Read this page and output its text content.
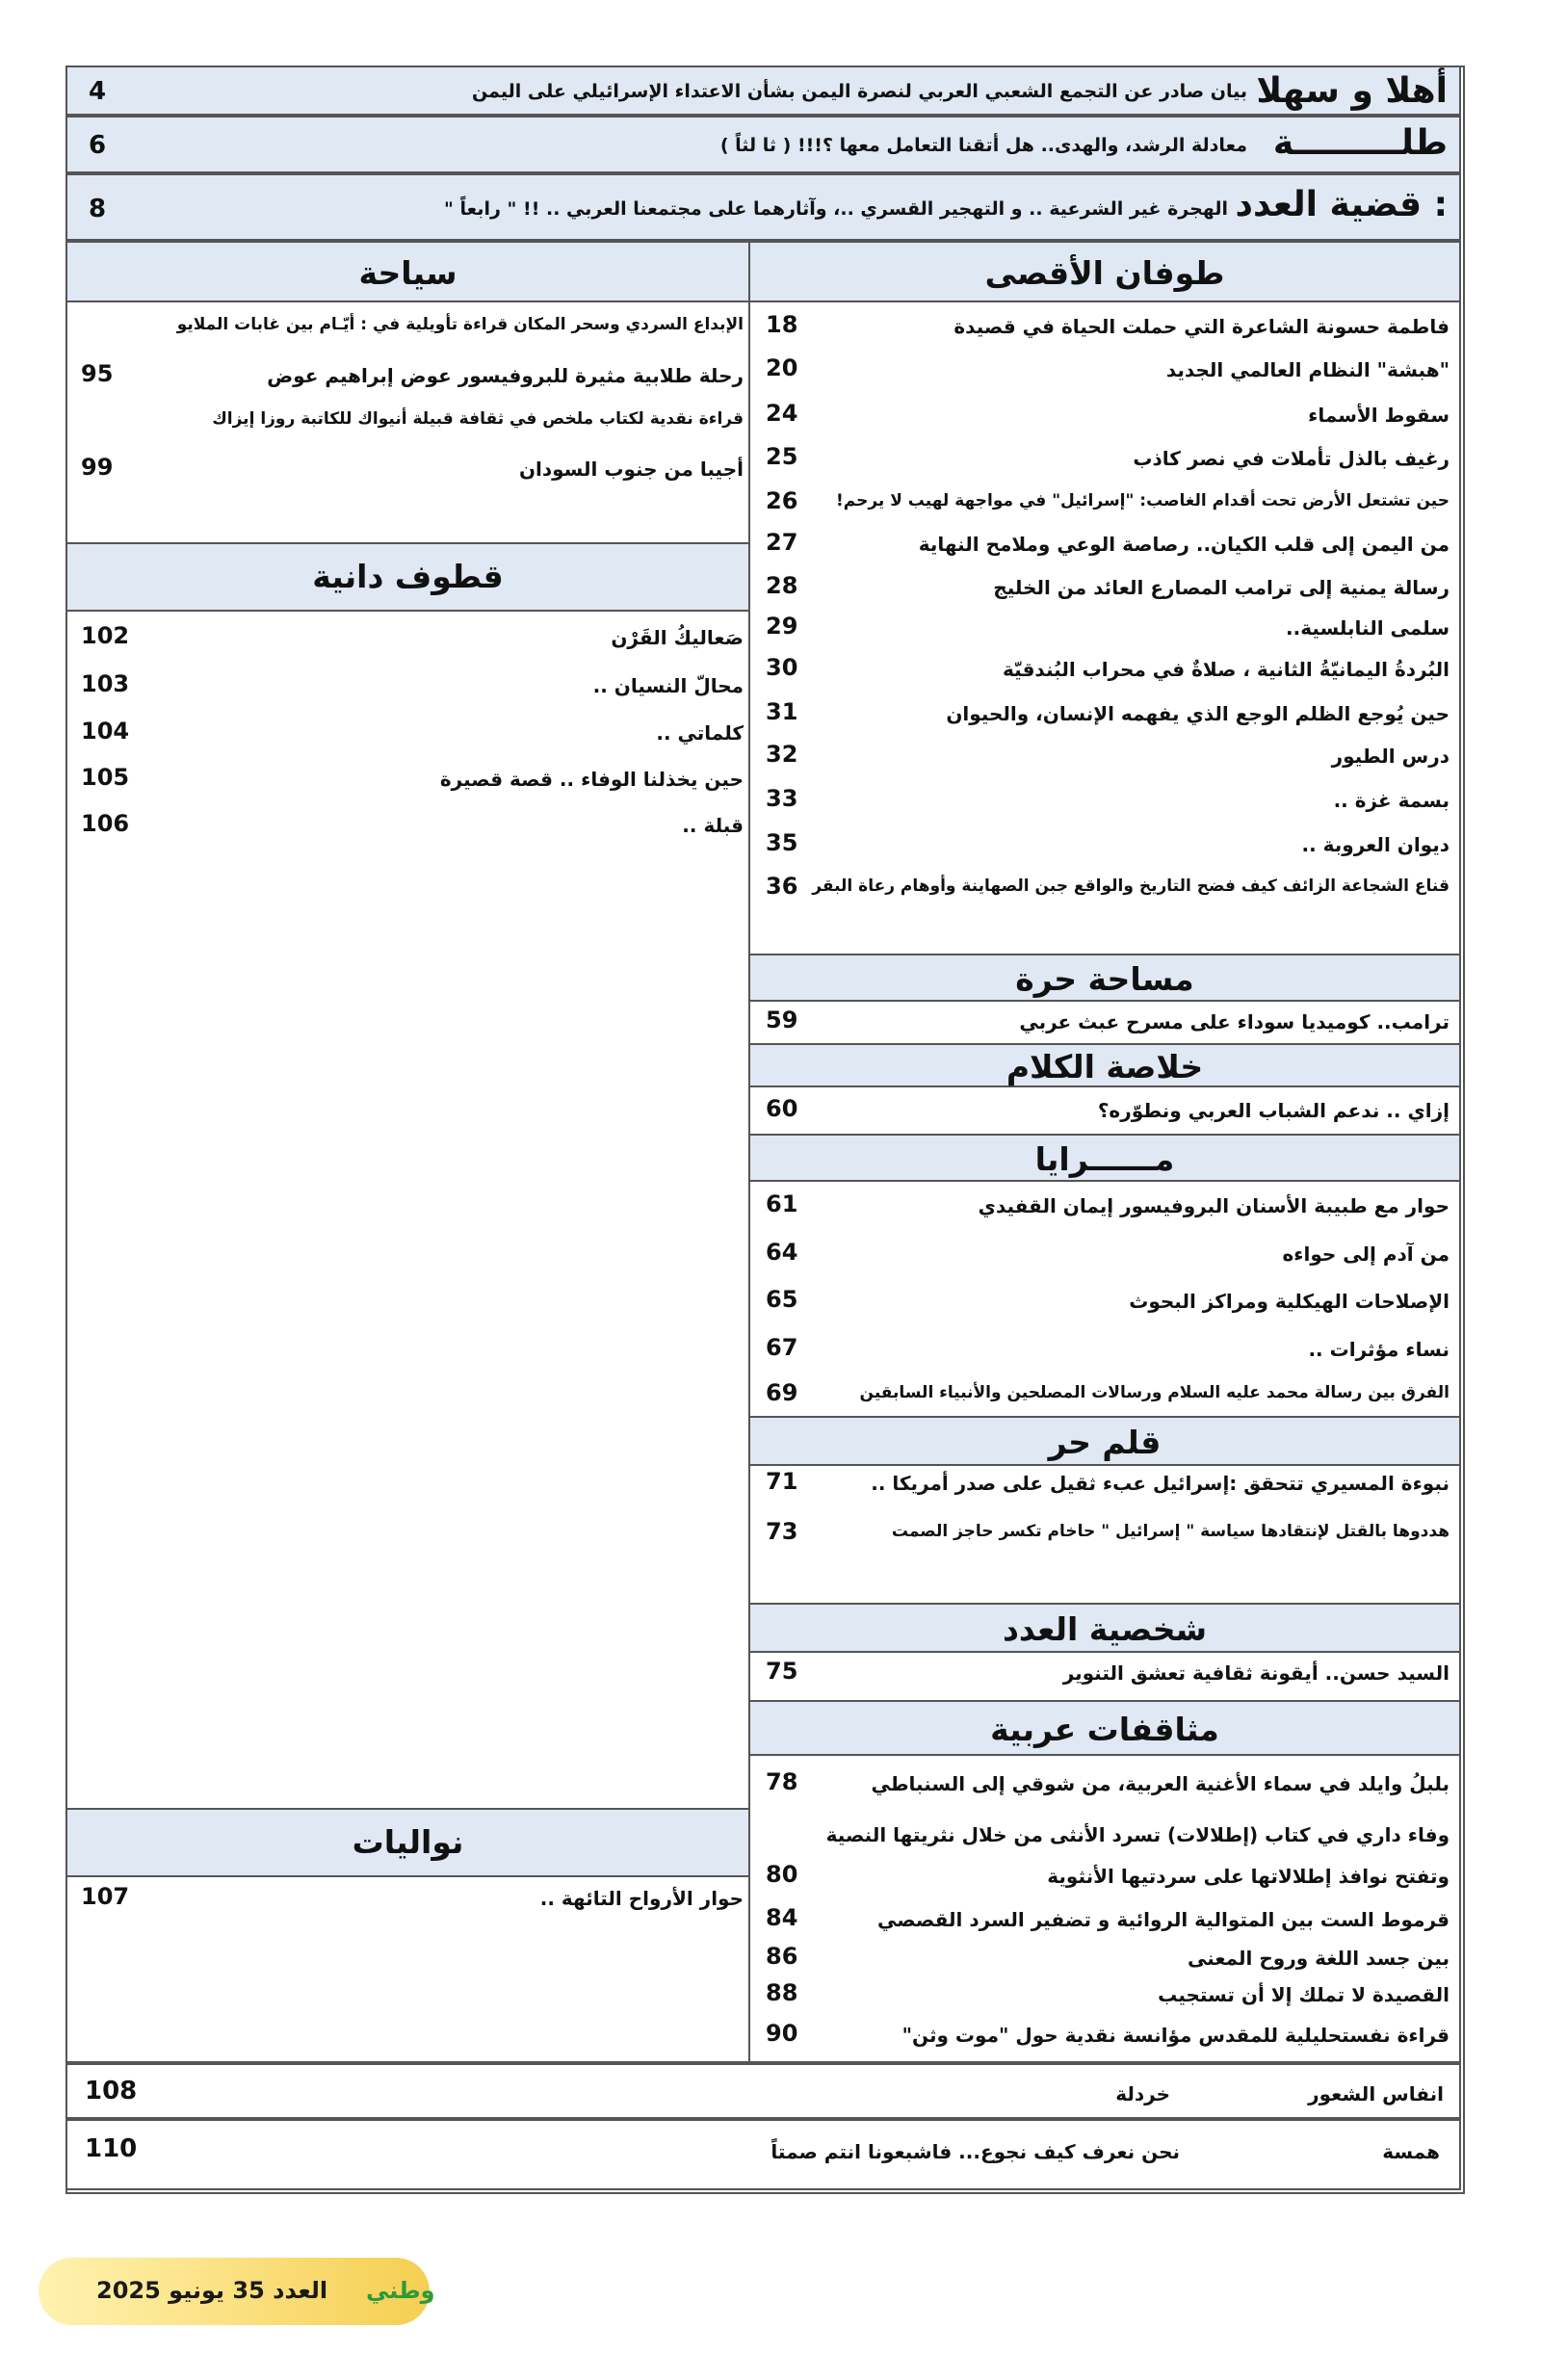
أهلا و سهلا
بيان صادر عن التجمع الشعبي العربي لنصرة اليمن بشأن الاعتداء الإسرائيلي على اليمن
4
طلـــــــــة
معادلة الرشد، والهدى.. هل أتقنا التعامل معها ؟!!! ( ثا لثاً )
6
قضية العدد :
الهجرة غير الشرعية .. و التهجير القسري ..، وآثارهما على مجتمعنا العربي .. !! " رابعاً "
8
طوفان الأقصى
مساحة حرة
خلاصة الكلام
مــــــرايا
قلم حر
شخصية العدد
مثاقفات عربية
سياحة
قطوف دانية
نواليات
انفاس الشعور
خردلة
108
همسة
نحن نعرف كيف نجوع... فاشبعونا انتم صمتاً
110
فاطمة حسونة الشاعرة التي حملت الحياة في قصيدة
18
"هبشة" النظام العالمي الجديد
20
سقوط الأسماء
24
رغيف بالذل تأملات في نصر كاذب
25
حين تشتعل الأرض تحت أقدام الغاصب: "إسرائيل" في مواجهة لهيب لا يرحم!
26
من اليمن إلى قلب الكيان.. رصاصة الوعي وملامح النهاية
27
رسالة يمنية إلى ترامب المصارع العائد من الخليج
28
سلمى النابلسية..
29
البُردةُ اليمانيّةُ الثانية ، صلاةٌ في محراب البُندقيّة
30
حين يُوجع الظلم الوجع الذي يفهمه الإنسان، والحيوان
31
درس الطيور
32
بسمة غزة ..
33
ديوان العروبة ..
35
قناع الشجاعة الزائف كيف فضح التاريخ والواقع جبن الصهاينة وأوهام رعاة البقر
36
ترامب.. كوميديا سوداء على مسرح عبث عربي
59
إزاي .. ندعم الشباب العربي ونطوّره؟
60
حوار مع طبيبة الأسنان البروفيسور إيمان القفيدي
61
من آدم إلى حواءه
64
الإصلاحات الهيكلية ومراكز البحوث
65
نساء مؤثرات ..
67
الفرق بين رسالة محمد عليه السلام ورسالات المصلحين والأنبياء السابقين
69
نبوءة المسيري تتحقق :إسرائيل عبء ثقيل على صدر أمريكا ..
71
هددوها بالقتل لإنتقادها سياسة " إسرائيل " حاخام تكسر حاجز الصمت
73
السيد حسن.. أيقونة ثقافية تعشق التنوير
75
بلبلُ وايلد في سماء الأغنية العربية، من شوقي إلى السنباطي
78
وفاء داري في كتاب (إطلالات) تسرد الأنثى من خلال نثريتها النصية
وتفتح نوافذ إطلالاتها على سردتيها الأنثوية
80
قرموط الست بين المتوالية الروائية و تضفير السرد القصصي
84
بين جسد اللغة وروح المعنى
86
القصيدة لا تملك إلا أن تستجيب
88
قراءة نفستحليلية للمقدس مؤانسة نقدية حول "موت وثن"
90
الإبداع السردي وسحر المكان قراءة تأويلية في : أيّـام بين غابات الملايو
رحلة طلابية مثيرة للبروفيسور عوض إبراهيم عوض
95
قراءة نقدية لكتاب ملخص في ثقافة قبيلة أنيواك للكاتبة روزا إيزاك
أجيبا من جنوب السودان
99
صَعاليكُ القَرْن
102
محالّ النسيان ..
103
كلماتي ..
104
حين يخذلنا الوفاء .. قصة قصيرة
105
قبلة ..
106
حوار الأرواح التائهة ..
107
العدد 35 يونيو 2025 وطني
